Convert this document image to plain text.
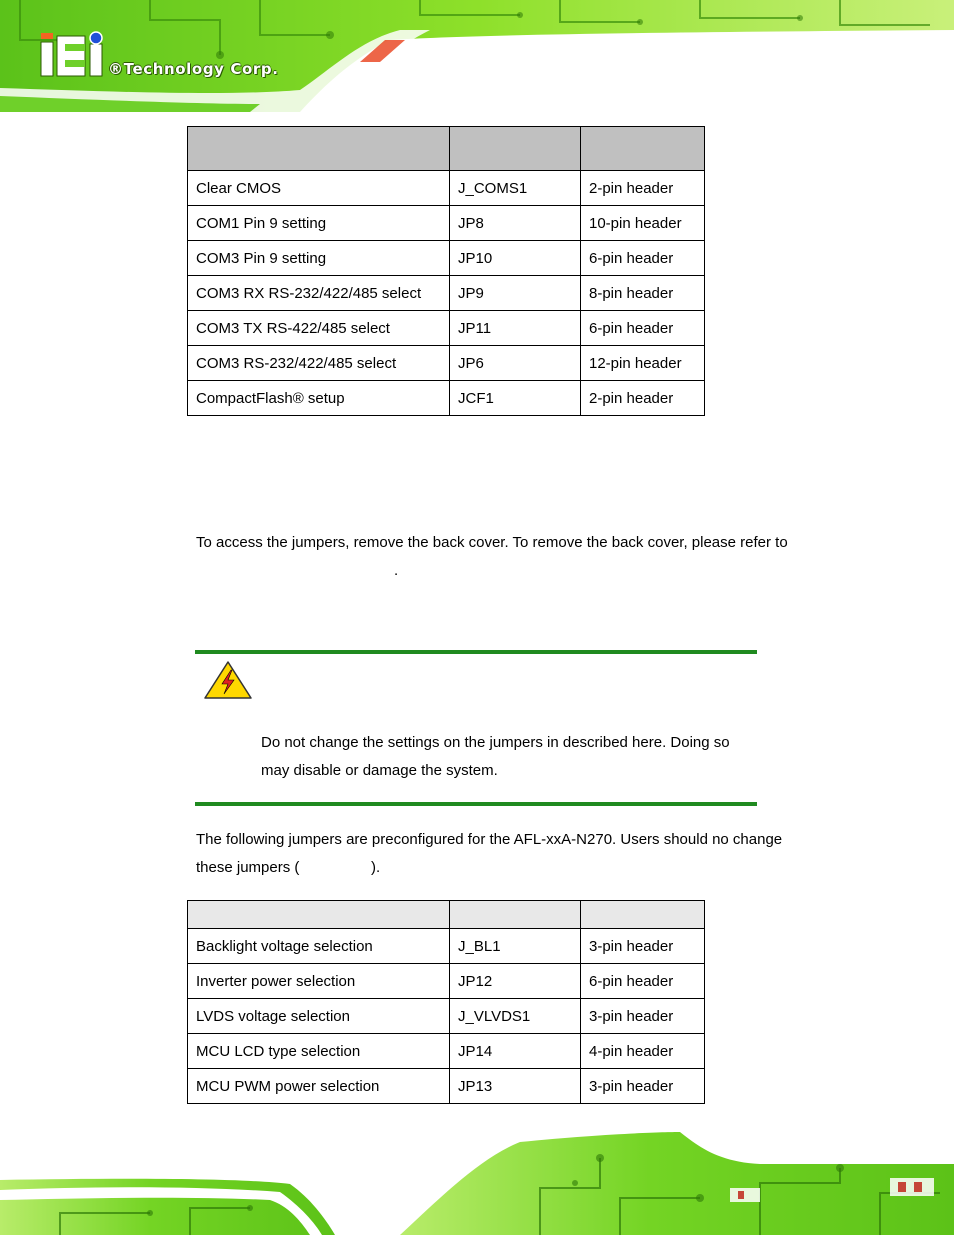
®Technology Corp.

Clear CMOS	J_COMS1	2-pin header
COM1 Pin 9 setting	JP8	10-pin header
COM3 Pin 9 setting	JP10	6-pin header
COM3 RX RS-232/422/485 select	JP9	8-pin header
COM3 TX RS-422/485 select	JP11	6-pin header
COM3 RS-232/422/485 select	JP6	12-pin header
CompactFlash® setup	JCF1	2-pin header
To access the jumpers, remove the back cover. To remove the back cover, please refer to
.
Do not change the settings on the jumpers in described here. Doing so
may disable or damage the system.
The following jumpers are preconfigured for the AFL-xxA-N270. Users should no change
these jumpers (	).

Backlight voltage selection	J_BL1	3-pin header
Inverter power selection	JP12	6-pin header
LVDS voltage selection	J_VLVDS1	3-pin header
MCU LCD type selection	JP14	4-pin header
MCU PWM power selection	JP13	3-pin header
